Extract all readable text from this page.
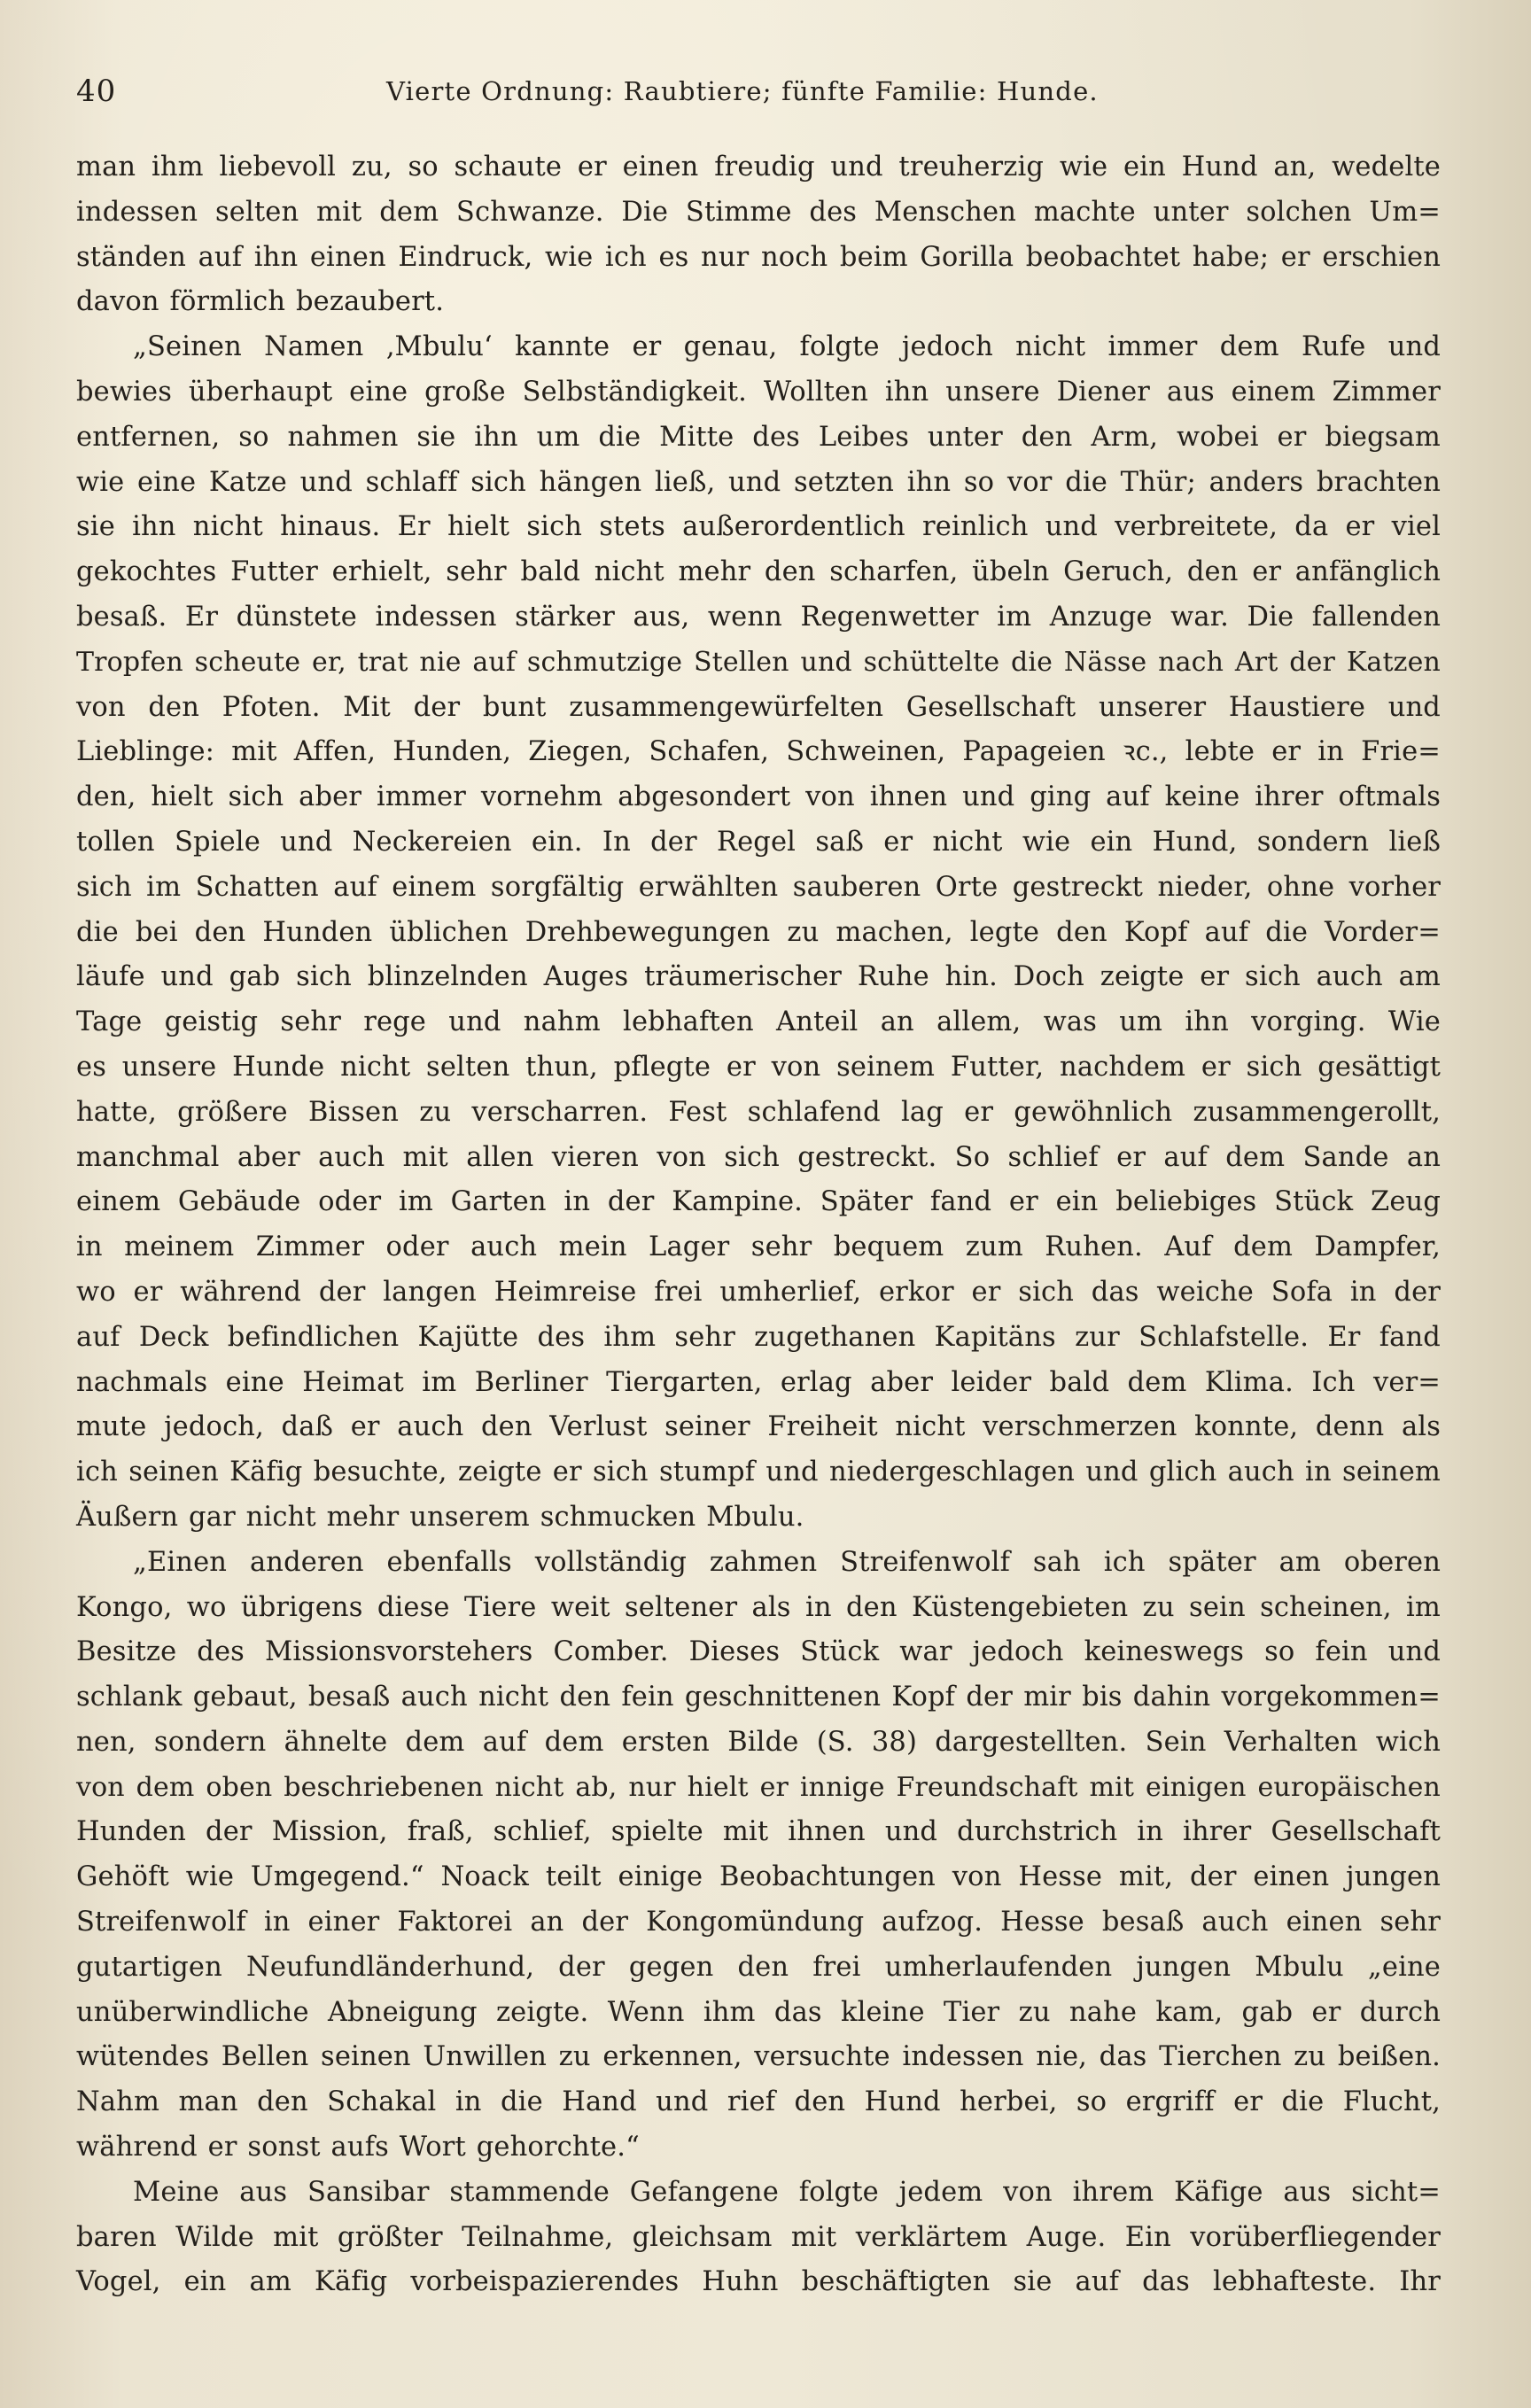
40	Vierte Ordnung: Raubtiere; fünfte Familie: Hunde.
man ihm liebevoll zu, so schaute er einen freudig und treuherzig wie ein Hund an, wedelte
indessen selten mit dem Schwanze. Die Stimme des Menschen machte unter solchen Um=
ständen auf ihn einen Eindruck, wie ich es nur noch beim Gorilla beobachtet habe; er erschien
davon förmlich bezaubert.
„Seinen Namen ‚Mbulu‘ kannte er genau, folgte jedoch nicht immer dem Rufe und
bewies überhaupt eine große Selbständigkeit. Wollten ihn unsere Diener aus einem Zimmer
entfernen, so nahmen sie ihn um die Mitte des Leibes unter den Arm, wobei er biegsam
wie eine Katze und schlaff sich hängen ließ, und setzten ihn so vor die Thür; anders brachten
sie ihn nicht hinaus. Er hielt sich stets außerordentlich reinlich und verbreitete, da er viel
gekochtes Futter erhielt, sehr bald nicht mehr den scharfen, übeln Geruch, den er anfänglich
besaß. Er dünstete indessen stärker aus, wenn Regenwetter im Anzuge war. Die fallenden
Tropfen scheute er, trat nie auf schmutzige Stellen und schüttelte die Nässe nach Art der Katzen
von den Pfoten. Mit der bunt zusammengewürfelten Gesellschaft unserer Haustiere und
Lieblinge: mit Affen, Hunden, Ziegen, Schafen, Schweinen, Papageien ꝛc., lebte er in Frie=
den, hielt sich aber immer vornehm abgesondert von ihnen und ging auf keine ihrer oftmals
tollen Spiele und Neckereien ein. In der Regel saß er nicht wie ein Hund, sondern ließ
sich im Schatten auf einem sorgfältig erwählten sauberen Orte gestreckt nieder, ohne vorher
die bei den Hunden üblichen Drehbewegungen zu machen, legte den Kopf auf die Vorder=
läufe und gab sich blinzelnden Auges träumerischer Ruhe hin. Doch zeigte er sich auch am
Tage geistig sehr rege und nahm lebhaften Anteil an allem, was um ihn vorging. Wie
es unsere Hunde nicht selten thun, pflegte er von seinem Futter, nachdem er sich gesättigt
hatte, größere Bissen zu verscharren. Fest schlafend lag er gewöhnlich zusammengerollt,
manchmal aber auch mit allen vieren von sich gestreckt. So schlief er auf dem Sande an
einem Gebäude oder im Garten in der Kampine. Später fand er ein beliebiges Stück Zeug
in meinem Zimmer oder auch mein Lager sehr bequem zum Ruhen. Auf dem Dampfer,
wo er während der langen Heimreise frei umherlief, erkor er sich das weiche Sofa in der
auf Deck befindlichen Kajütte des ihm sehr zugethanen Kapitäns zur Schlafstelle. Er fand
nachmals eine Heimat im Berliner Tiergarten, erlag aber leider bald dem Klima. Ich ver=
mute jedoch, daß er auch den Verlust seiner Freiheit nicht verschmerzen konnte, denn als
ich seinen Käfig besuchte, zeigte er sich stumpf und niedergeschlagen und glich auch in seinem
Äußern gar nicht mehr unserem schmucken Mbulu.
„Einen anderen ebenfalls vollständig zahmen Streifenwolf sah ich später am oberen
Kongo, wo übrigens diese Tiere weit seltener als in den Küstengebieten zu sein scheinen, im
Besitze des Missionsvorstehers Comber. Dieses Stück war jedoch keineswegs so fein und
schlank gebaut, besaß auch nicht den fein geschnittenen Kopf der mir bis dahin vorgekommen=
nen, sondern ähnelte dem auf dem ersten Bilde (S. 38) dargestellten. Sein Verhalten wich
von dem oben beschriebenen nicht ab, nur hielt er innige Freundschaft mit einigen europäischen
Hunden der Mission, fraß, schlief, spielte mit ihnen und durchstrich in ihrer Gesellschaft
Gehöft wie Umgegend.“ Noack teilt einige Beobachtungen von Hesse mit, der einen jungen
Streifenwolf in einer Faktorei an der Kongomündung aufzog. Hesse besaß auch einen sehr
gutartigen Neufundländerhund, der gegen den frei umherlaufenden jungen Mbulu „eine
unüberwindliche Abneigung zeigte. Wenn ihm das kleine Tier zu nahe kam, gab er durch
wütendes Bellen seinen Unwillen zu erkennen, versuchte indessen nie, das Tierchen zu beißen.
Nahm man den Schakal in die Hand und rief den Hund herbei, so ergriff er die Flucht,
während er sonst aufs Wort gehorchte.“
Meine aus Sansibar stammende Gefangene folgte jedem von ihrem Käfige aus sicht=
baren Wilde mit größter Teilnahme, gleichsam mit verklärtem Auge. Ein vorüberfliegender
Vogel, ein am Käfig vorbeispazierendes Huhn beschäftigten sie auf das lebhafteste. Ihr
